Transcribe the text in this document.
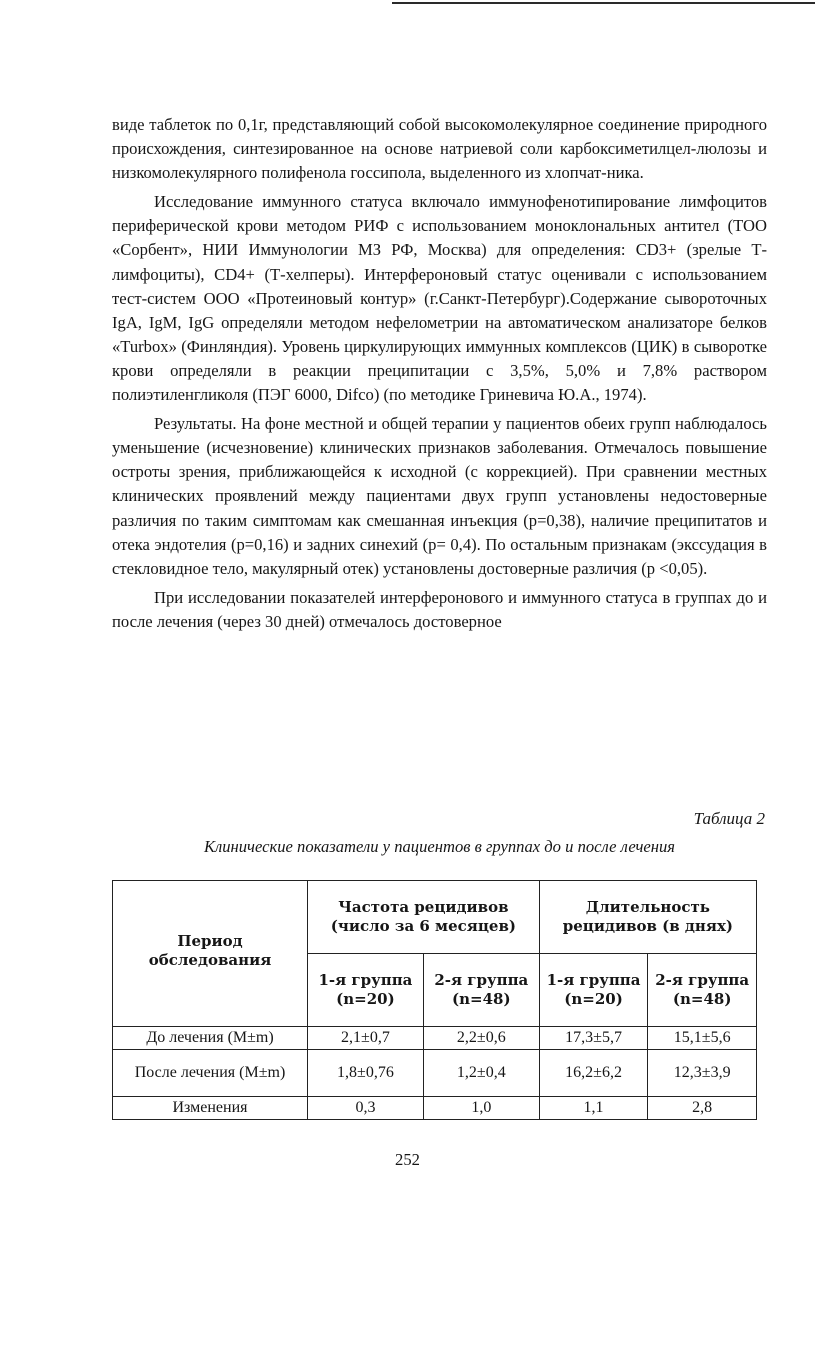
виде таблеток по 0,1г, представляющий собой высокомолекулярное соединение природного происхождения, синтезированное на основе натриевой соли карбоксиметилцел-люлозы и низкомолекулярного полифенола госсипола, выделенного из хлопчат-ника.

Исследование иммунного статуса включало иммунофенотипирование лимфоцитов периферической крови методом РИФ с использованием моноклональных антител (ТОО «Сорбент», НИИ Иммунологии МЗ РФ, Москва) для определения: CD3+ (зрелые Т-лимфоциты), CD4+ (Т-хелперы). Интерфероновый статус оценивали с использованием тест-систем ООО «Протеиновый контур» (г.Санкт-Петербург).Содержание сывороточных IgA, IgM, IgG определяли методом нефелометрии на автоматическом анализаторе белков «Turbox» (Финляндия). Уровень циркулирующих иммунных комплексов (ЦИК) в сыворотке крови определяли в реакции преципитации с 3,5%, 5,0% и 7,8% раствором полиэтиленгликоля (ПЭГ 6000, Difco) (по методике Гриневича Ю.А., 1974).

Результаты. На фоне местной и общей терапии у пациентов обеих групп наблюдалось уменьшение (исчезновение) клинических признаков заболевания. Отмечалось повышение остроты зрения, приближающейся к исходной (с коррекцией). При сравнении местных клинических проявлений между пациентами двух групп установлены недостоверные различия по таким симптомам как смешанная инъекция (р=0,38), наличие преципитатов и отека эндотелия (р=0,16) и задних синехий (р= 0,4). По остальным признакам (экссудация в стекловидное тело, макулярный отек) установлены достоверные различия (р <0,05).

При исследовании показателей интерферонового и иммунного статуса в группах до и после лечения (через 30 дней) отмечалось достоверное

Таблица 2
Клинические показатели у пациентов в группах до и после лечения
Период обследования	Частота рецидивов (число за 6 месяцев)		Длительность рецидивов (в днях)	
	1-я группа (n=20)	2-я группа (n=48)	1-я группа (n=20)	2-я группа (n=48)
До лечения (M±m)	2,1±0,7	2,2±0,6	17,3±5,7	15,1±5,6
После лечения (M±m)	1,8±0,76	1,2±0,4	16,2±6,2	12,3±3,9
Изменения	0,3	1,0	1,1	2,8
252
